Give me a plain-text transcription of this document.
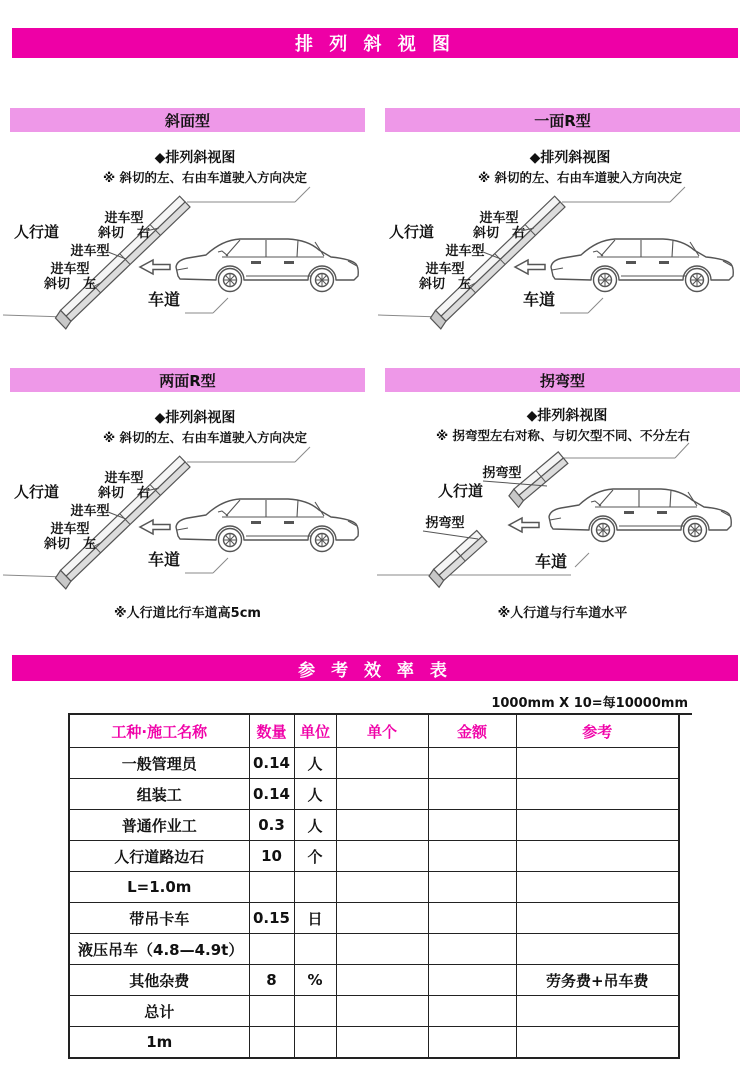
排 列 斜 视 图
斜面型
◆排列斜视图
※ 斜切的左、右由车道驶入方向决定
人行道
进车型
斜切　右
进车型
进车型
斜切　左
车道
一面R型
◆排列斜视图
※ 斜切的左、右由车道驶入方向决定
人行道
进车型
斜切　右
进车型
进车型
斜切　左
车道
两面R型
◆排列斜视图
※ 斜切的左、右由车道驶入方向决定
人行道
进车型
斜切　右
进车型
进车型
斜切　左
车道
拐弯型
◆排列斜视图
※ 拐弯型左右对称、与切欠型不同、不分左右
拐弯型
人行道
拐弯型
车道
※人行道比行车道高5cm	※人行道与行车道水平
参 考 效 率 表
1000mm X 10=每10000mm
工种·施工名称	数量	单位	单个	金额	参考
一般管理员	0.14	人			
组装工	0.14	人			
普通作业工	0.3	人			
人行道路边石	10	个			
L=1.0m					
带吊卡车	0.15	日			
液压吊车（4.8—4.9t）					
其他杂费	8	%			劳务费+吊车费
总计					
1m					
